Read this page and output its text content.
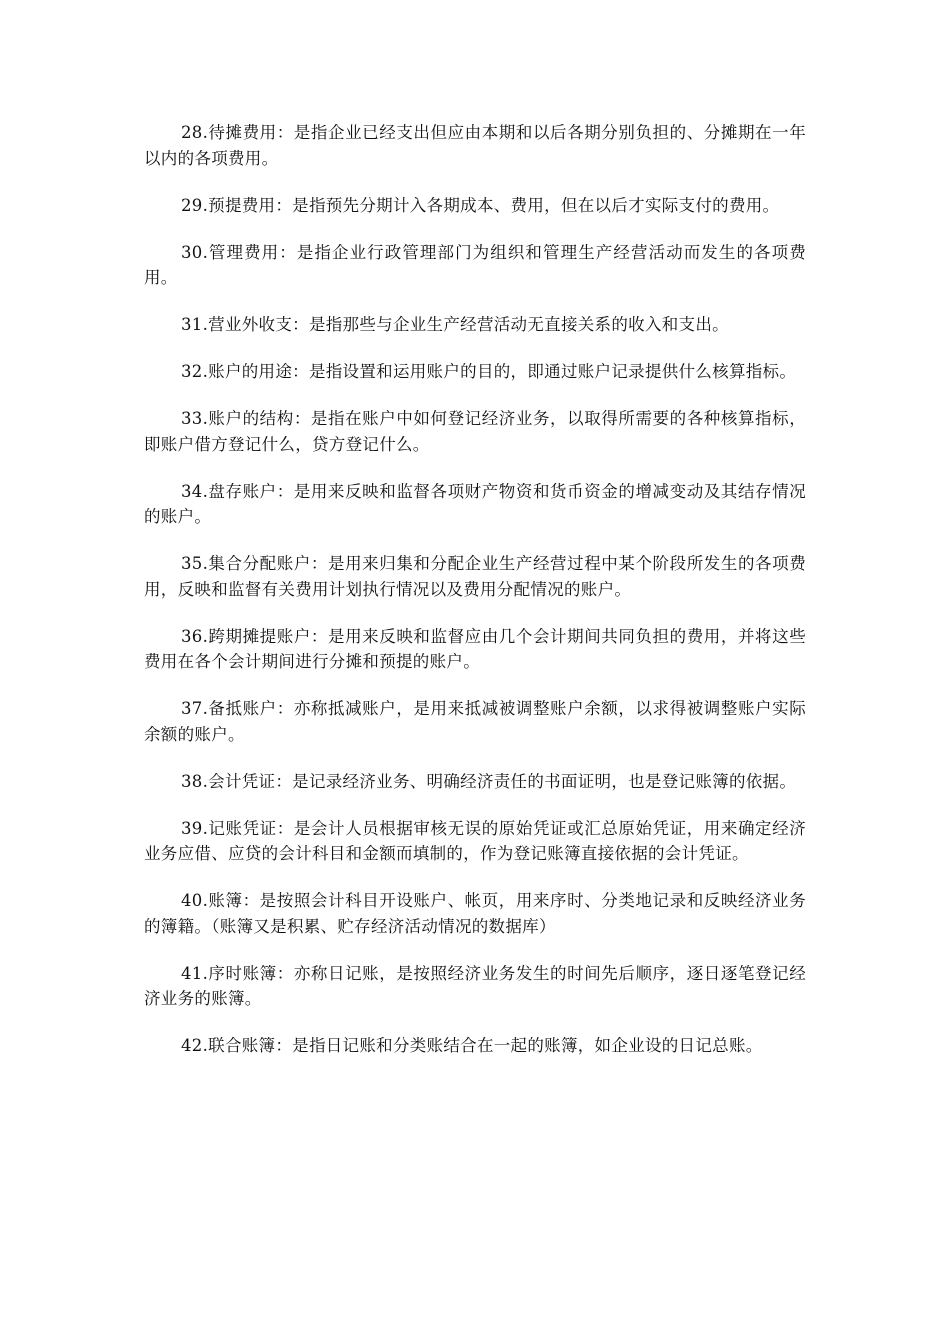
28.待摊费用：是指企业已经支出但应由本期和以后各期分别负担的、分摊期在一年以内的各项费用。

29.预提费用：是指预先分期计入各期成本、费用，但在以后才实际支付的费用。

30.管理费用：是指企业行政管理部门为组织和管理生产经营活动而发生的各项费用。

31.营业外收支：是指那些与企业生产经营活动无直接关系的收入和支出。

32.账户的用途：是指设置和运用账户的目的，即通过账户记录提供什么核算指标。

33.账户的结构：是指在账户中如何登记经济业务，以取得所需要的各种核算指标，即账户借方登记什么，贷方登记什么。

34.盘存账户：是用来反映和监督各项财产物资和货币资金的增减变动及其结存情况的账户。

35.集合分配账户：是用来归集和分配企业生产经营过程中某个阶段所发生的各项费用，反映和监督有关费用计划执行情况以及费用分配情况的账户。

36.跨期摊提账户：是用来反映和监督应由几个会计期间共同负担的费用，并将这些费用在各个会计期间进行分摊和预提的账户。

37.备抵账户：亦称抵减账户，是用来抵减被调整账户余额，以求得被调整账户实际余额的账户。

38.会计凭证：是记录经济业务、明确经济责任的书面证明，也是登记账簿的依据。

39.记账凭证：是会计人员根据审核无误的原始凭证或汇总原始凭证，用来确定经济业务应借、应贷的会计科目和金额而填制的，作为登记账簿直接依据的会计凭证。

40.账簿：是按照会计科目开设账户、帐页，用来序时、分类地记录和反映经济业务的簿籍。（账簿又是积累、贮存经济活动情况的数据库）

41.序时账簿：亦称日记账，是按照经济业务发生的时间先后顺序，逐日逐笔登记经济业务的账簿。

42.联合账簿：是指日记账和分类账结合在一起的账簿，如企业设的日记总账。
